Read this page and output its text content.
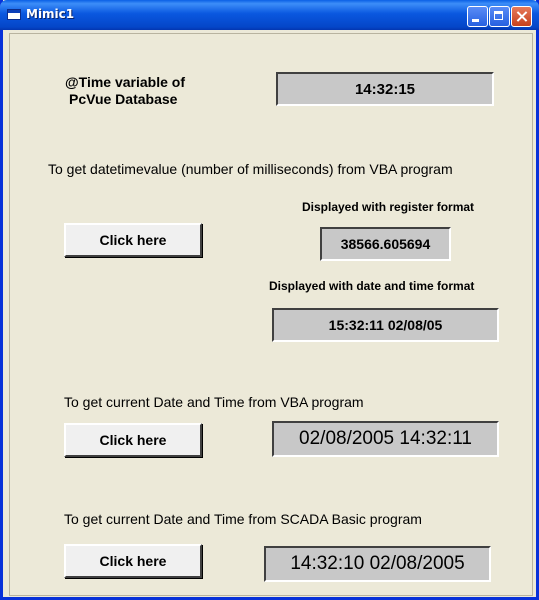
Mimic1
@Time variable of
PcVue Database
14:32:15
To get datetimevalue (number of milliseconds) from VBA program
Displayed with register format
Click here	38566.605694
Displayed with date and time format
15:32:11 02/08/05
To get current Date and Time from VBA program
Click here	02/08/2005 14:32:11
To get current Date and Time from SCADA Basic program
Click here	14:32:10 02/08/2005
